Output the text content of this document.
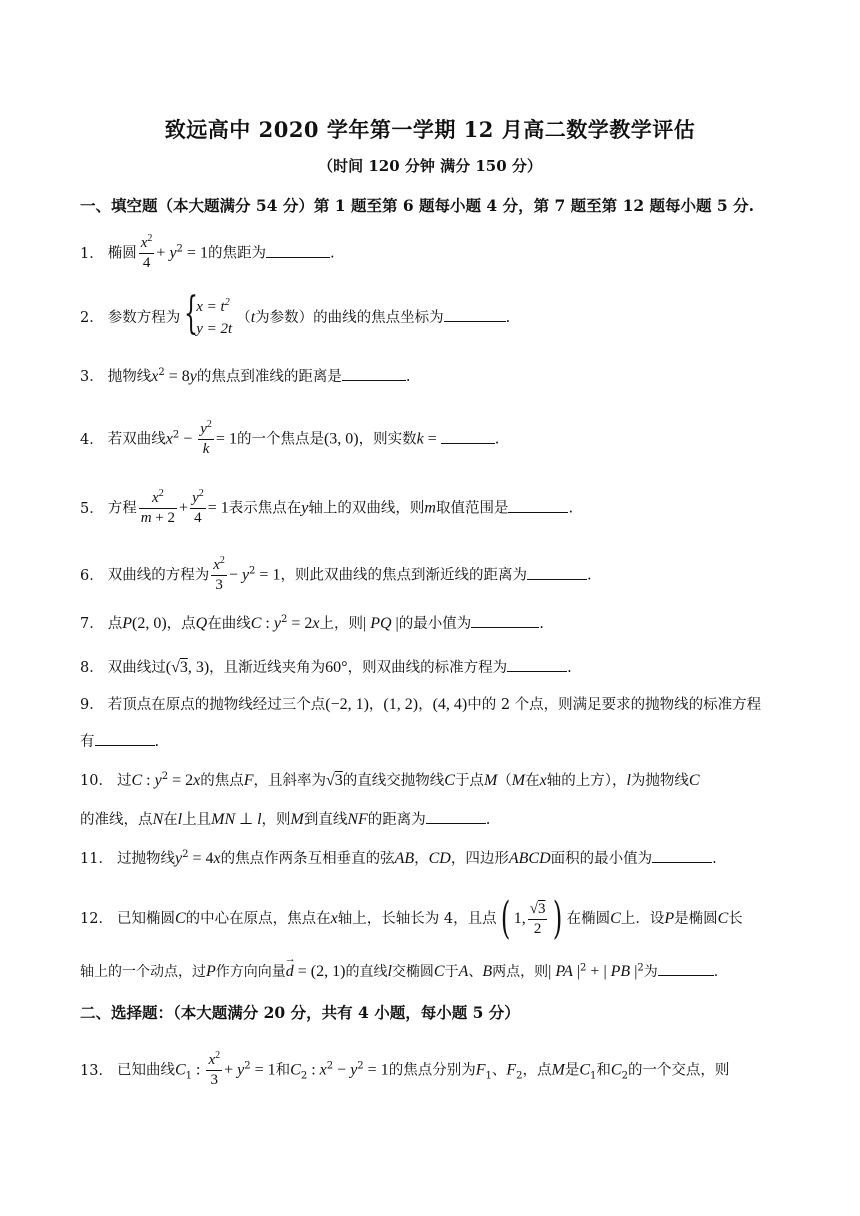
致远高中 2020 学年第一学期 12 月高二数学教学评估
（时间 120 分钟 满分 150 分）
一、填空题（本大题满分 54 分）第 1 题至第 6 题每小题 4 分，第 7 题至第 12 题每小题 5 分.
1． 椭圆 $\frac{x^2}{4} + y^2 = 1$的焦距为	.
2． 参数方程为 {
$x = t^2$
y = 2t
（t为参数）的曲线的焦点坐标为	.
3． 抛物线$x^2 = 8y$的焦点到准线的距离是	.
4． 若双曲线$x^2 - \frac{y^2}{k} = 1$的一个焦点是(3, 0)，则实数k =	.
5． 方程 $\frac{x^2}{m + 2} + \frac{y^2}{4} = 1$表示焦点在y轴上的双曲线，则m取值范围是	.
6． 双曲线的方程为 $\frac{x^2}{3} - y^2 = 1$，则此双曲线的焦点到渐近线的距离为	.
7． 点P(2, 0)，点Q在曲线C : $y^2 = 2x$上，则| PQ |的最小值为	.
8． 双曲线过(√3, 3)，且渐近线夹角为60°，则双曲线的标准方程为	.
9． 若顶点在原点的抛物线经过三个点(−2, 1)，(1, 2)，(4, 4)中的 2 个点，则满足要求的抛物线的标准方程
有	.
10． 过C : $y^2 = 2x$的焦点F，且斜率为√3的直线交抛物线C于点M（M在x轴的上方），l为抛物线C
的准线，点N在l上且MN ⊥ l，则M到直线NF的距离为	.
11． 过抛物线$y^2 = 4x$的焦点作两条互相垂直的弦AB，CD，四边形ABCD面积的最小值为	.
12． 已知椭圆C的中心在原点，焦点在x轴上，长轴长为 4，且点( 1, $\frac{√3}{2}$ ) 在椭圆C上．设P是椭圆C长
轴上的一个动点，过P作方向向量→ d = (2, 1)的直线l交椭圆C于A、B两点，则| PA $|^2$ + | PB $|^2$为	.
二、选择题：（本大题满分 20 分，共有 4 小题，每小题 5 分）
13． 已知曲线$C_1$ : $\frac{x^2}{3} + y^2 = 1$和$C_2$ : $x^2 - y^2 = 1$的焦点分别为$F_1$、$F_2$，点M是$C_1$和$C_2$的一个交点，则
